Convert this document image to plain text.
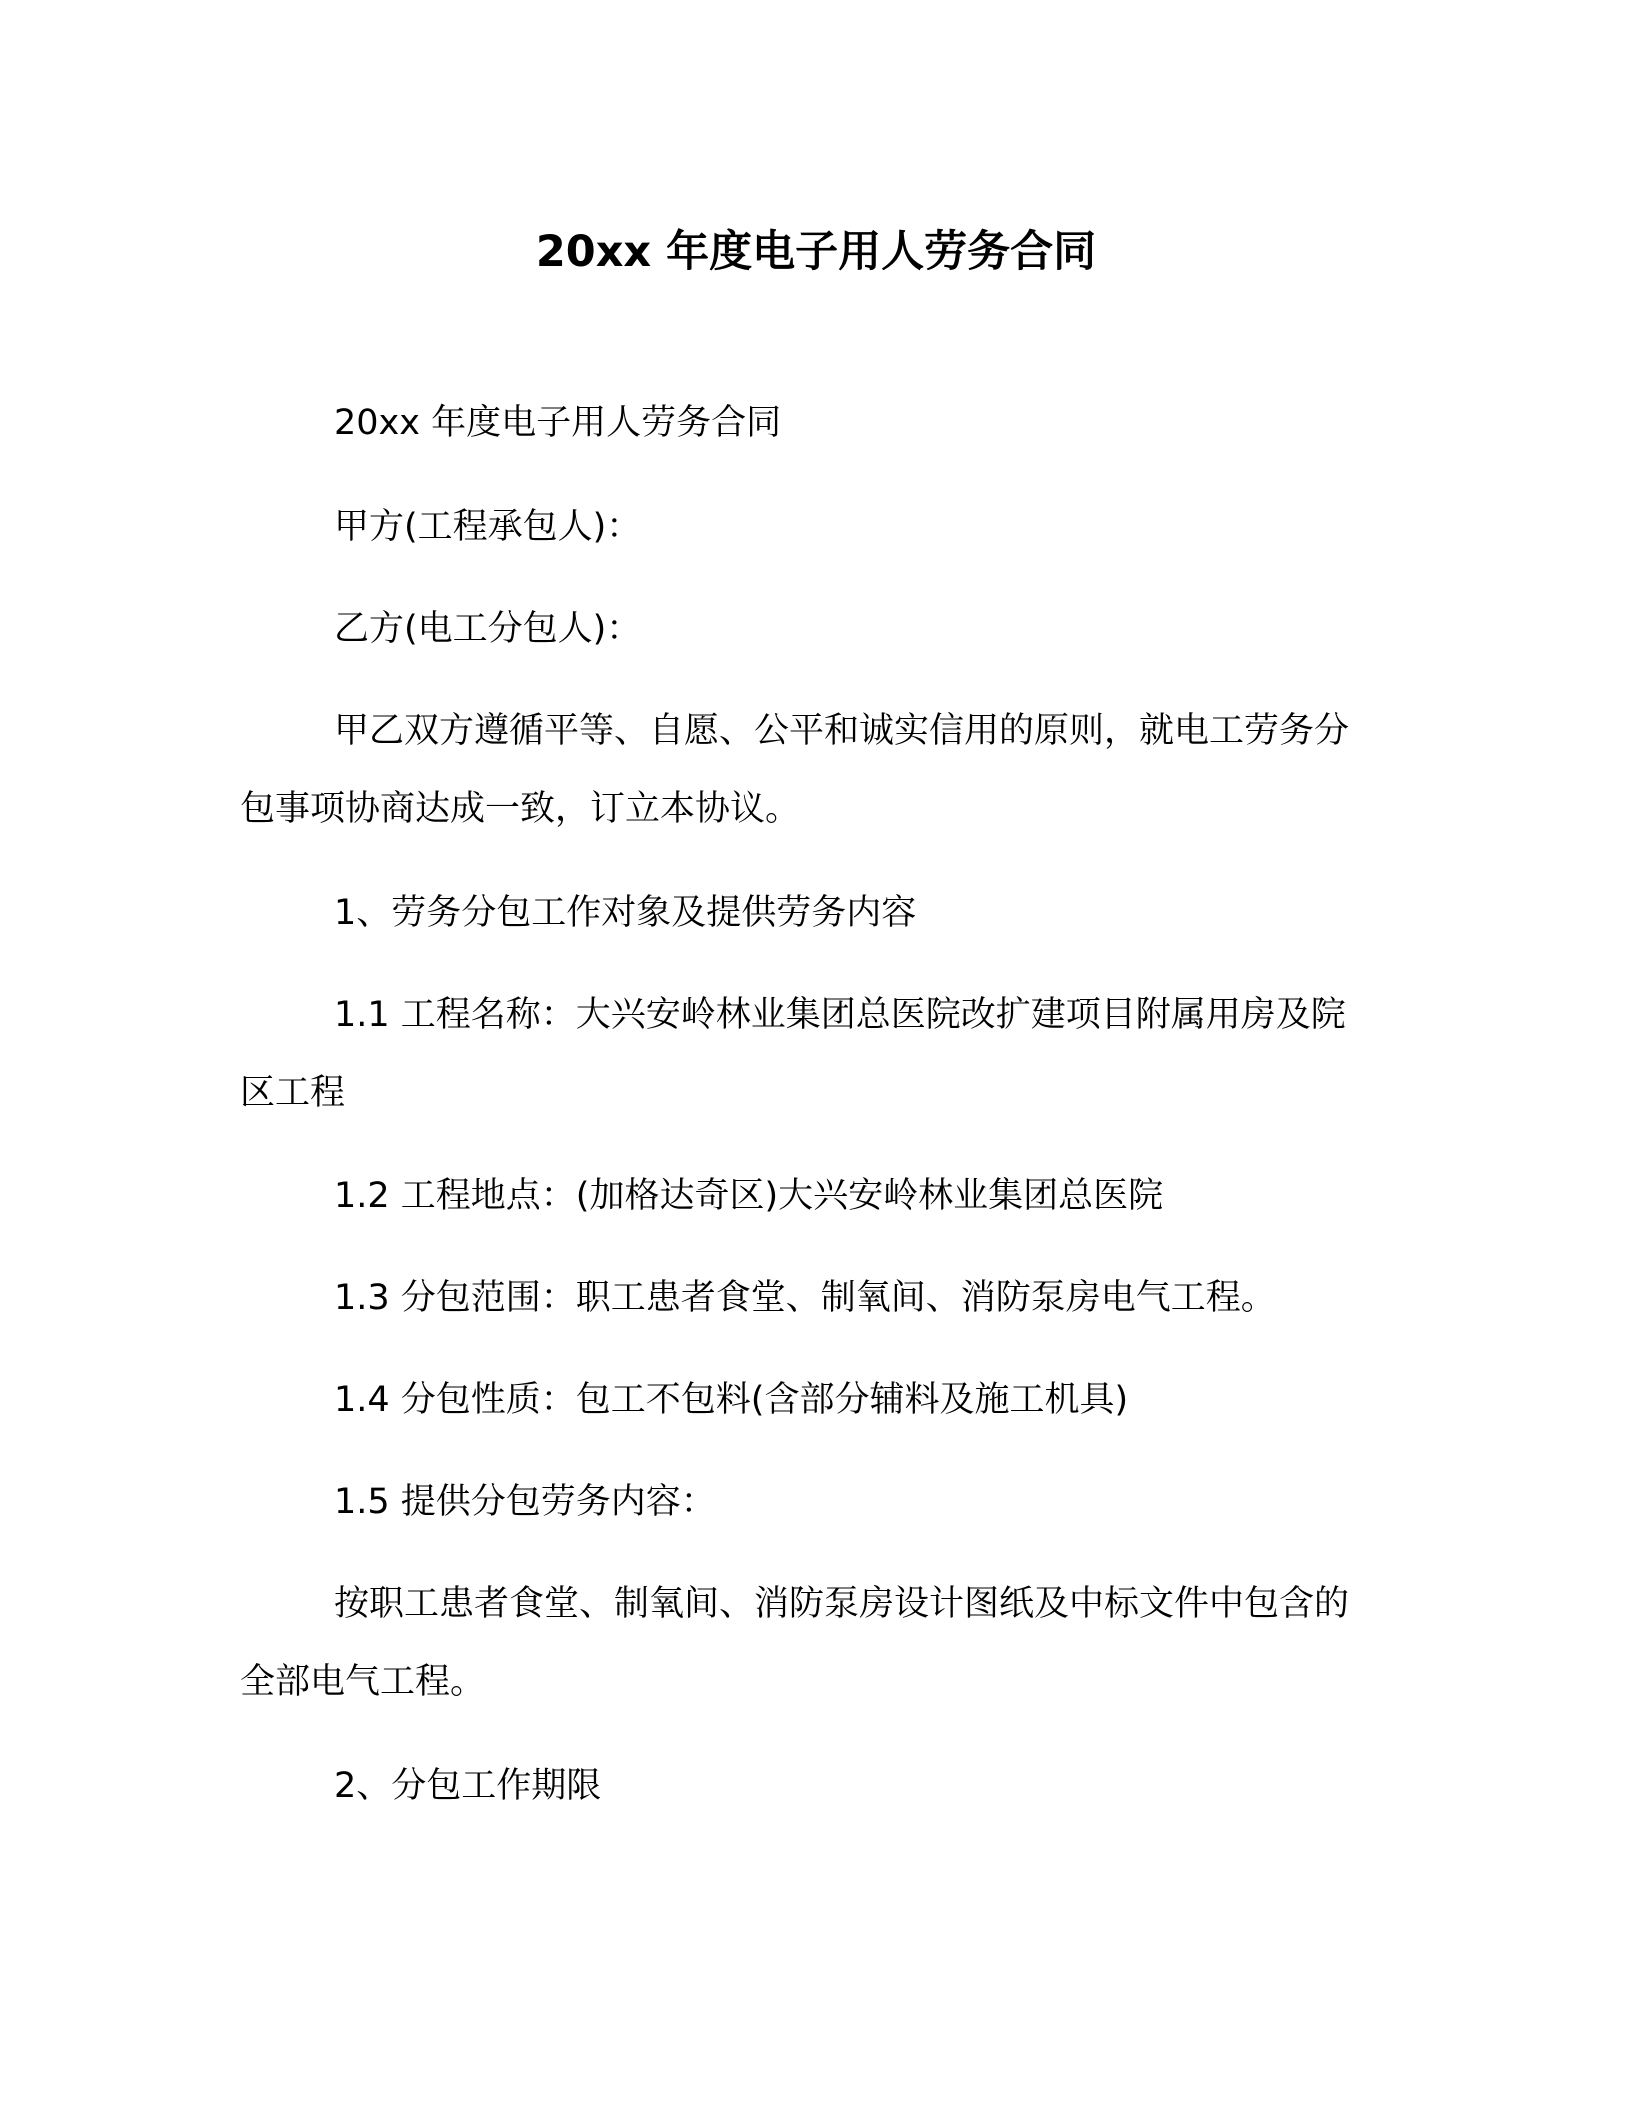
20xx 年度电子用人劳务合同

20xx 年度电子用人劳务合同

甲方(工程承包人)：

乙方(电工分包人)：

甲乙双方遵循平等、自愿、公平和诚实信用的原则，就电工劳务分包事项协商达成一致，订立本协议。

1、劳务分包工作对象及提供劳务内容

1.1 工程名称：大兴安岭林业集团总医院改扩建项目附属用房及院区工程

1.2 工程地点：(加格达奇区)大兴安岭林业集团总医院

1.3 分包范围：职工患者食堂、制氧间、消防泵房电气工程。

1.4 分包性质：包工不包料(含部分辅料及施工机具)

1.5 提供分包劳务内容：

按职工患者食堂、制氧间、消防泵房设计图纸及中标文件中包含的全部电气工程。

2、分包工作期限
